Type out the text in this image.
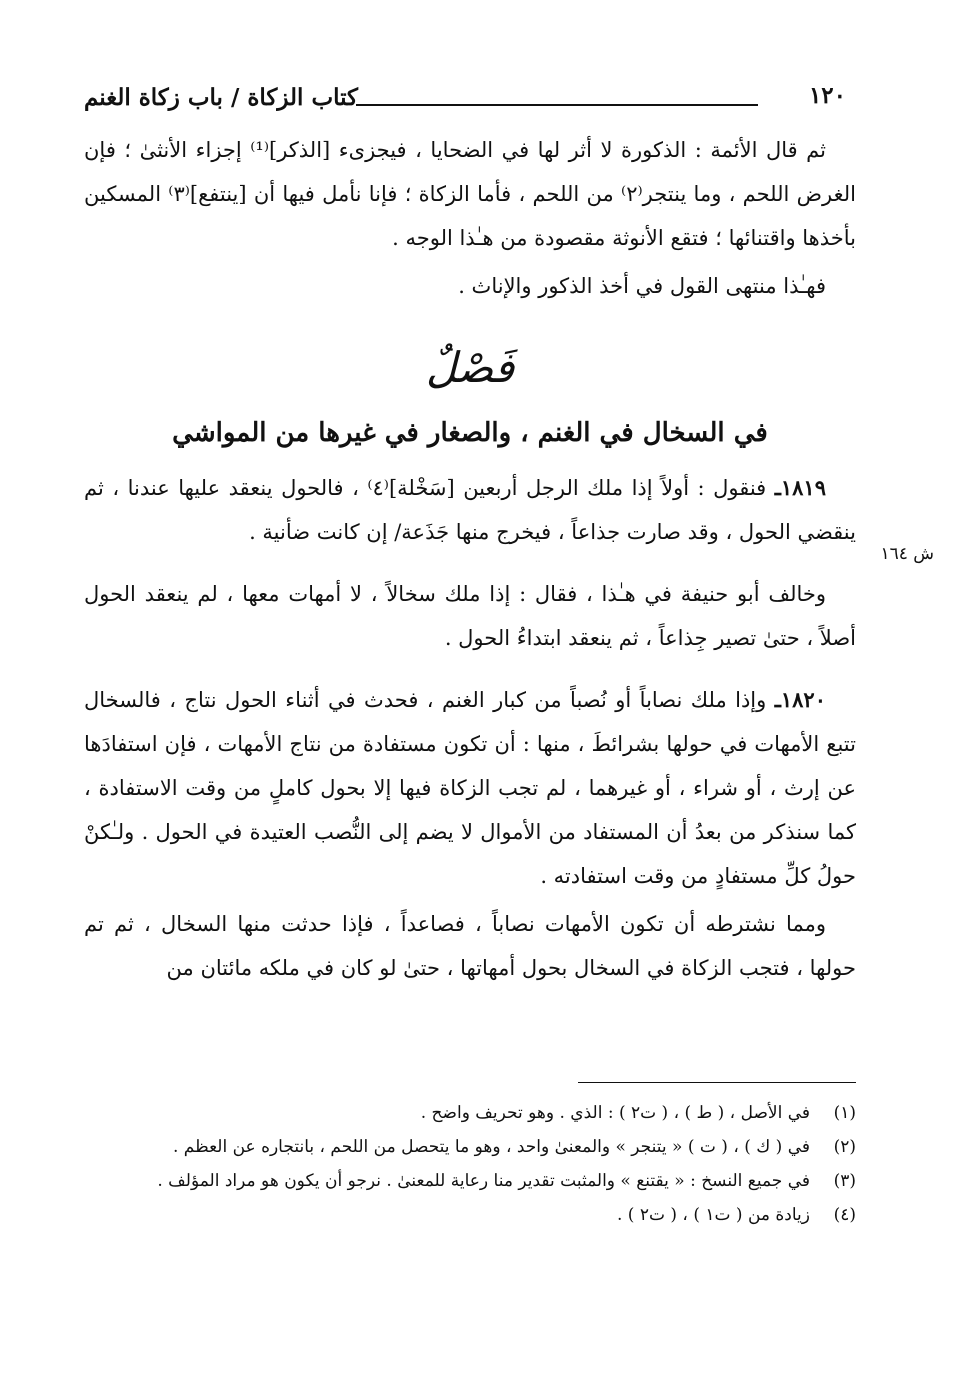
كتاب الزكاة / باب زكاة الغنم	١٢٠
ش ١٦٤

ثم قال الأئمة : الذكورة لا أثر لها في الضحايا ، فيجزىء [الذكر]⁽¹⁾ إجزاء الأنثىٰ ؛ فإن الغرض اللحم ، وما ينتجر⁽٢⁾ من اللحم ، فأما الزكاة ؛ فإنا نأمل فيها أن [ينتفع]⁽٣⁾ المسكين بأخذها واقتنائها ؛ فتقع الأنوثة مقصودة من هـٰذا الوجه .

فهـٰذا منتهى القول في أخذ الذكور والإناث .

فَصْلٌ
في السخال في الغنم ، والصغار في غيرها من المواشي

١٨١٩ـ فنقول : أولاً إذا ملك الرجل أربعين [سَخْلة]⁽٤⁾ ، فالحول ينعقد عليها عندنا ، ثم ينقضي الحول ، وقد صارت جذاعاً ، فيخرج منها جَذَعة/ إن كانت ضأنية .

وخالف أبو حنيفة في هـٰذا ، فقال : إذا ملك سخالاً ، لا أمهات معها ، لم ينعقد الحول أصلاً ، حتىٰ تصير جِذاعاً ، ثم ينعقد ابتداءُ الحول .

١٨٢٠ـ وإذا ملك نصاباً أو نُصباً من كبار الغنم ، فحدث في أثناء الحول نتاج ، فالسخال تتبع الأمهات في حولها بشرائطَ ، منها : أن تكون مستفادة من نتاج الأمهات ، فإن استفادَها عن إرث ، أو شراء ، أو غيرهما ، لم تجب الزكاة فيها إلا بحول كاملٍ من وقت الاستفادة ، كما سنذكر من بعدُ أن المستفاد من الأموال لا يضم إلى النُّصب العتيدة في الحول . ولـٰكنْ حولُ كلِّ مستفادٍ من وقت استفادته .

ومما نشترطه أن تكون الأمهات نصاباً ، فصاعداً ، فإذا حدثت منها السخال ، ثم تم حولها ، فتجب الزكاة في السخال بحول أمهاتها ، حتىٰ لو كان في ملكه مائتان من

(١)
في الأصل ، ( ط ) ، ( ت٢ ) : الذي . وهو تحريف واضح .
(٢)
في ( ك ) ، ( ت ) « يتنجر » والمعنىٰ واحد ، وهو ما يتحصل من اللحم ، بانتجاره عن العظم .
(٣)
في جميع النسخ : « يقتنع » والمثبت تقدير منا رعاية للمعنىٰ . نرجو أن يكون هو مراد المؤلف .
(٤)
زيادة من ( ت١ ) ، ( ت٢ ) .
